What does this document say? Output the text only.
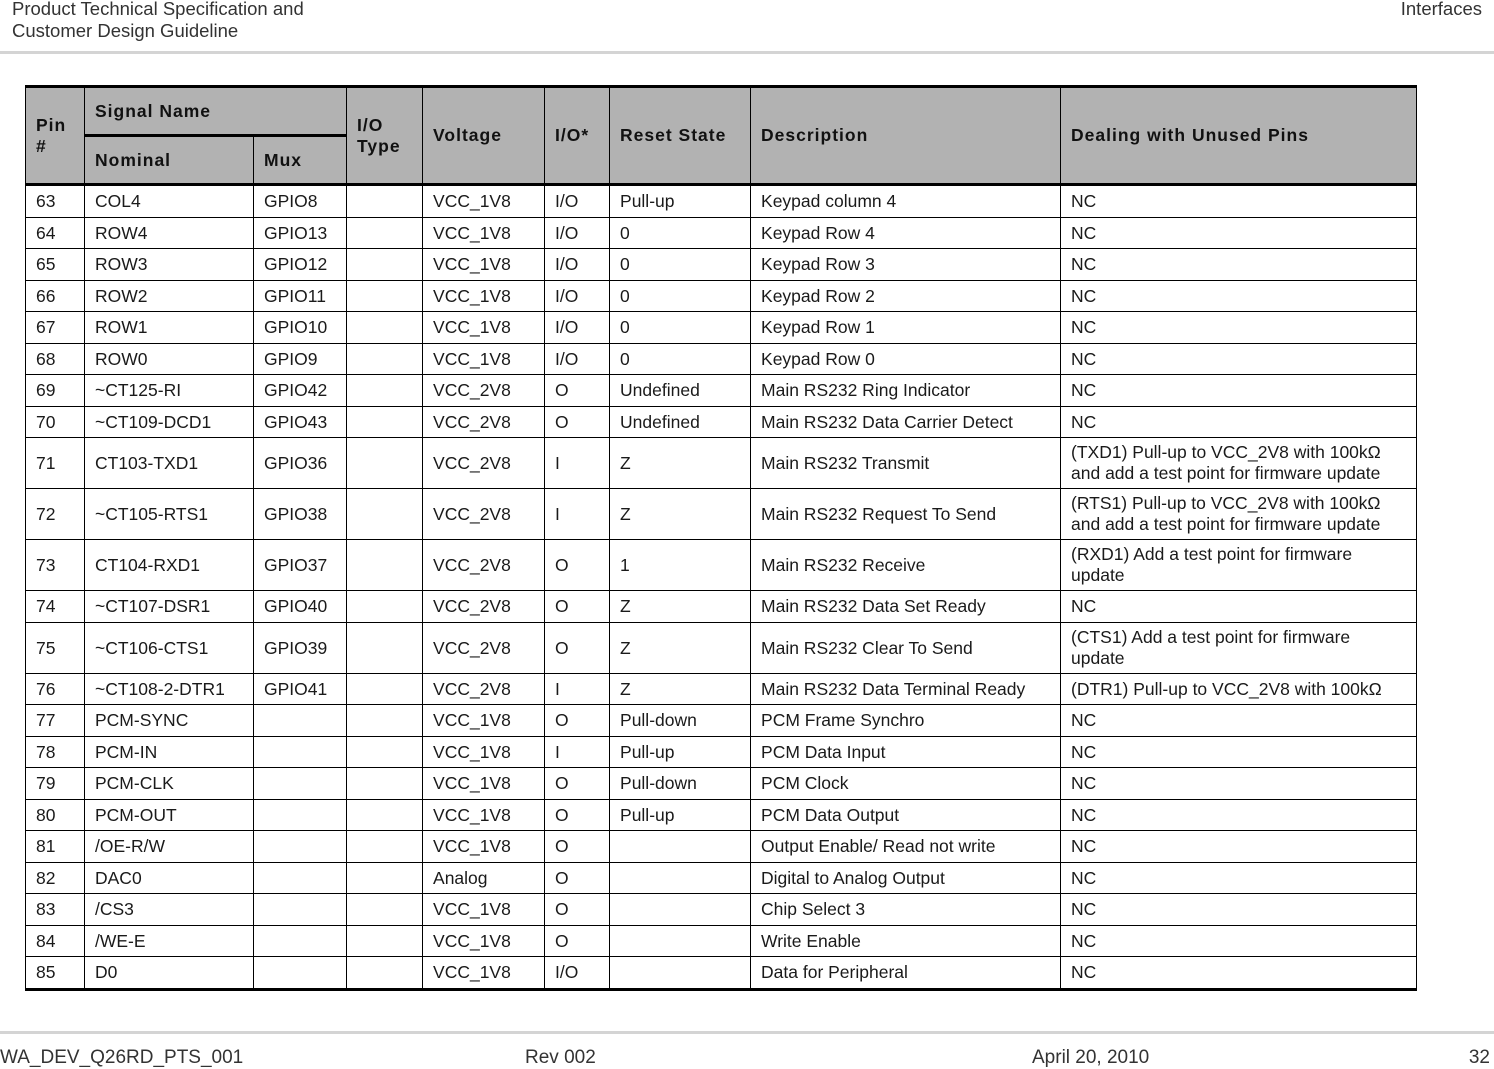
Product Technical Specification and
Customer Design Guideline
Interfaces
Pin #	Signal Name		I/O Type	Voltage	I/O*	Reset State	Description	Dealing with Unused Pins
	Nominal	Mux						
63	COL4	GPIO8		VCC_1V8	I/O	Pull-up	Keypad column 4	NC
64	ROW4	GPIO13		VCC_1V8	I/O	0	Keypad Row 4	NC
65	ROW3	GPIO12		VCC_1V8	I/O	0	Keypad Row 3	NC
66	ROW2	GPIO11		VCC_1V8	I/O	0	Keypad Row 2	NC
67	ROW1	GPIO10		VCC_1V8	I/O	0	Keypad Row 1	NC
68	ROW0	GPIO9		VCC_1V8	I/O	0	Keypad Row 0	NC
69	~CT125-RI	GPIO42		VCC_2V8	O	Undefined	Main RS232 Ring Indicator	NC
70	~CT109-DCD1	GPIO43		VCC_2V8	O	Undefined	Main RS232 Data Carrier Detect	NC
71	CT103-TXD1	GPIO36		VCC_2V8	I	Z	Main RS232 Transmit	(TXD1) Pull-up to VCC_2V8 with 100kΩ and add a test point for firmware update
72	~CT105-RTS1	GPIO38		VCC_2V8	I	Z	Main RS232 Request To Send	(RTS1) Pull-up to VCC_2V8 with 100kΩ and add a test point for firmware update
73	CT104-RXD1	GPIO37		VCC_2V8	O	1	Main RS232 Receive	(RXD1) Add a test point for firmware update
74	~CT107-DSR1	GPIO40		VCC_2V8	O	Z	Main RS232 Data Set Ready	NC
75	~CT106-CTS1	GPIO39		VCC_2V8	O	Z	Main RS232 Clear To Send	(CTS1) Add a test point for firmware update
76	~CT108-2-DTR1	GPIO41		VCC_2V8	I	Z	Main RS232 Data Terminal Ready	(DTR1) Pull-up to VCC_2V8 with 100kΩ
77	PCM-SYNC			VCC_1V8	O	Pull-down	PCM Frame Synchro	NC
78	PCM-IN			VCC_1V8	I	Pull-up	PCM Data Input	NC
79	PCM-CLK			VCC_1V8	O	Pull-down	PCM Clock	NC
80	PCM-OUT			VCC_1V8	O	Pull-up	PCM Data Output	NC
81	/OE-R/W			VCC_1V8	O		Output Enable/ Read not write	NC
82	DAC0			Analog	O		Digital to Analog Output	NC
83	/CS3			VCC_1V8	O		Chip Select 3	NC
84	/WE-E			VCC_1V8	O		Write Enable	NC
85	D0			VCC_1V8	I/O		Data for Peripheral	NC
WA_DEV_Q26RD_PTS_001	Rev 002	April 20, 2010	32
